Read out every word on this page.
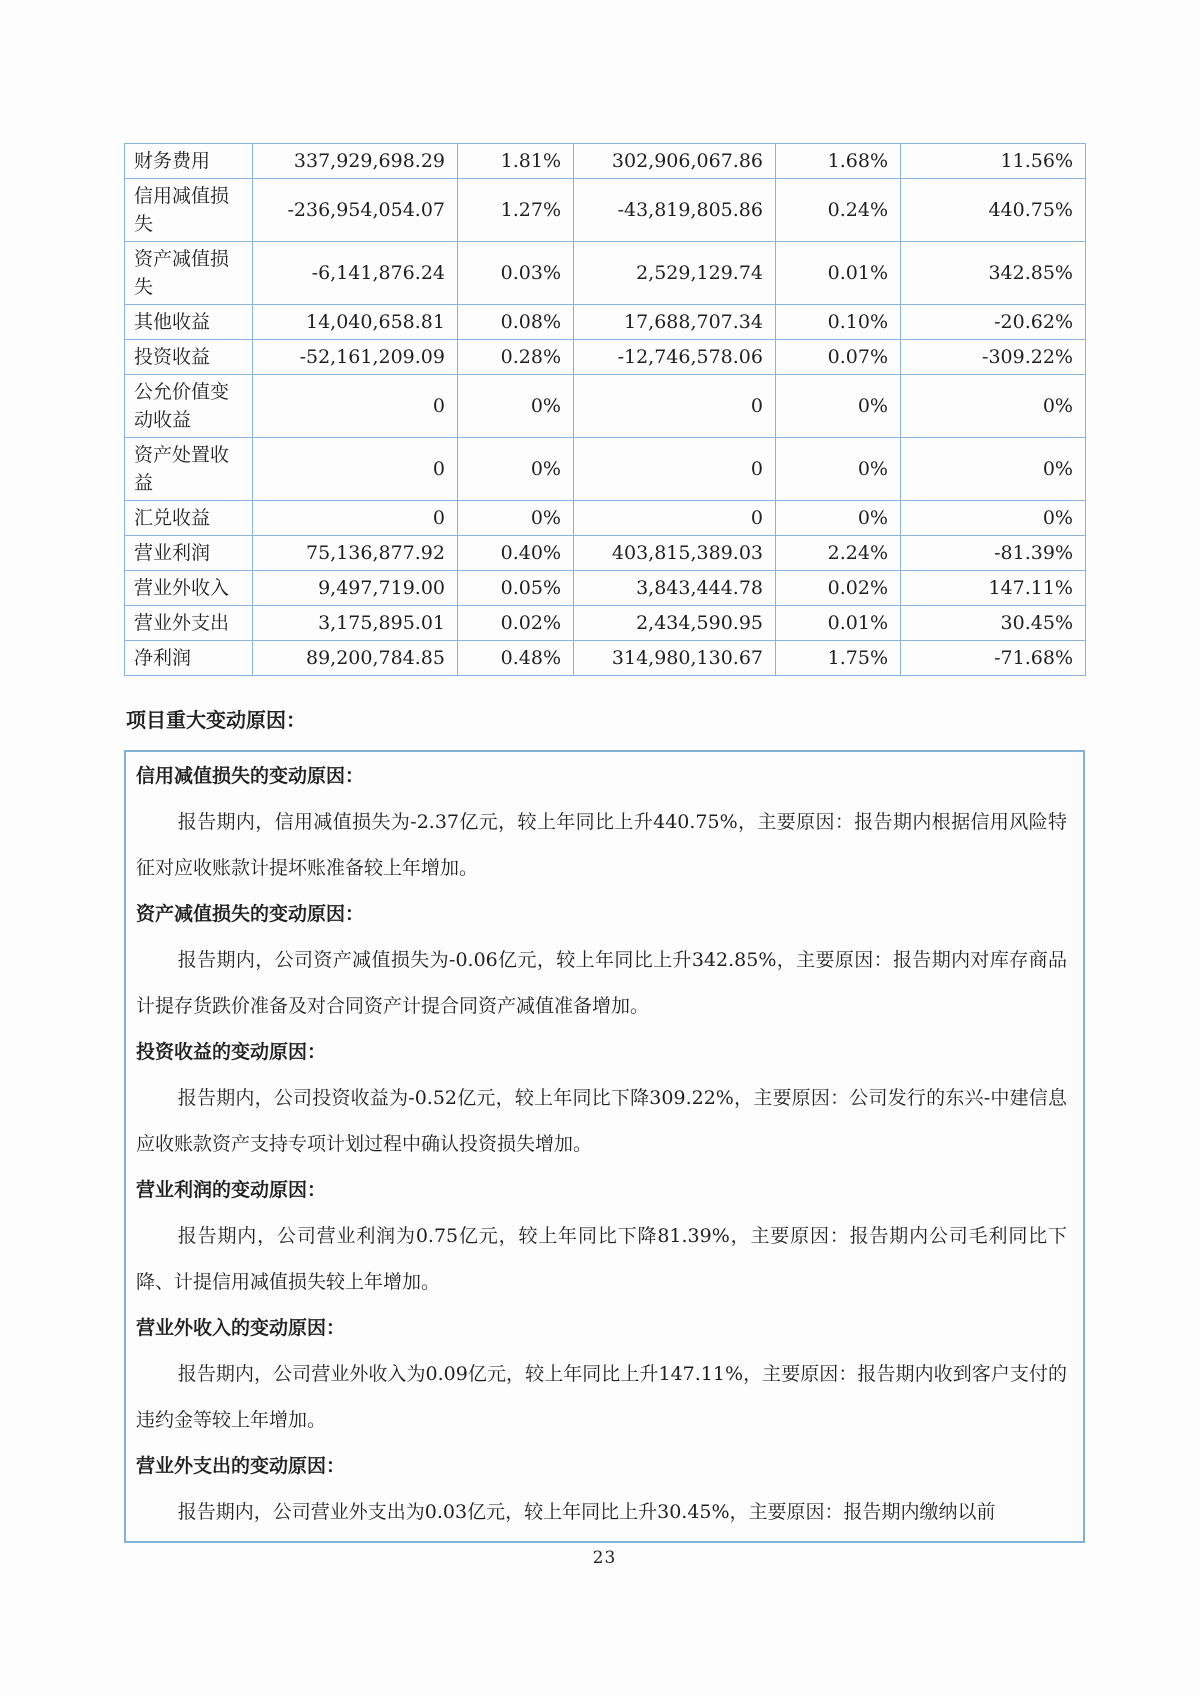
财务费用	337,929,698.29	1.81%	302,906,067.86	1.68%	11.56%
信用减值损失	-236,954,054.07	1.27%	-43,819,805.86	0.24%	440.75%
资产减值损失	-6,141,876.24	0.03%	2,529,129.74	0.01%	342.85%
其他收益	14,040,658.81	0.08%	17,688,707.34	0.10%	-20.62%
投资收益	-52,161,209.09	0.28%	-12,746,578.06	0.07%	-309.22%
公允价值变动收益	0	0%	0	0%	0%
资产处置收益	0	0%	0	0%	0%
汇兑收益	0	0%	0	0%	0%
营业利润	75,136,877.92	0.40%	403,815,389.03	2.24%	-81.39%
营业外收入	9,497,719.00	0.05%	3,843,444.78	0.02%	147.11%
营业外支出	3,175,895.01	0.02%	2,434,590.95	0.01%	30.45%
净利润	89,200,784.85	0.48%	314,980,130.67	1.75%	-71.68%
项目重大变动原因：
信用减值损失的变动原因：

报告期内，信用减值损失为-2.37亿元，较上年同比上升440.75%，主要原因：报告期内根据信用风险特征对应收账款计提坏账准备较上年增加。

资产减值损失的变动原因：

报告期内，公司资产减值损失为-0.06亿元，较上年同比上升342.85%，主要原因：报告期内对库存商品计提存货跌价准备及对合同资产计提合同资产减值准备增加。

投资收益的变动原因：

报告期内，公司投资收益为-0.52亿元，较上年同比下降309.22%，主要原因：公司发行的东兴-中建信息应收账款资产支持专项计划过程中确认投资损失增加。

营业利润的变动原因：

报告期内，公司营业利润为0.75亿元，较上年同比下降81.39%，主要原因：报告期内公司毛利同比下降、计提信用减值损失较上年增加。

营业外收入的变动原因：

报告期内，公司营业外收入为0.09亿元，较上年同比上升147.11%，主要原因：报告期内收到客户支付的违约金等较上年增加。

营业外支出的变动原因：

报告期内，公司营业外支出为0.03亿元，较上年同比上升30.45%，主要原因：报告期内缴纳以前

23
